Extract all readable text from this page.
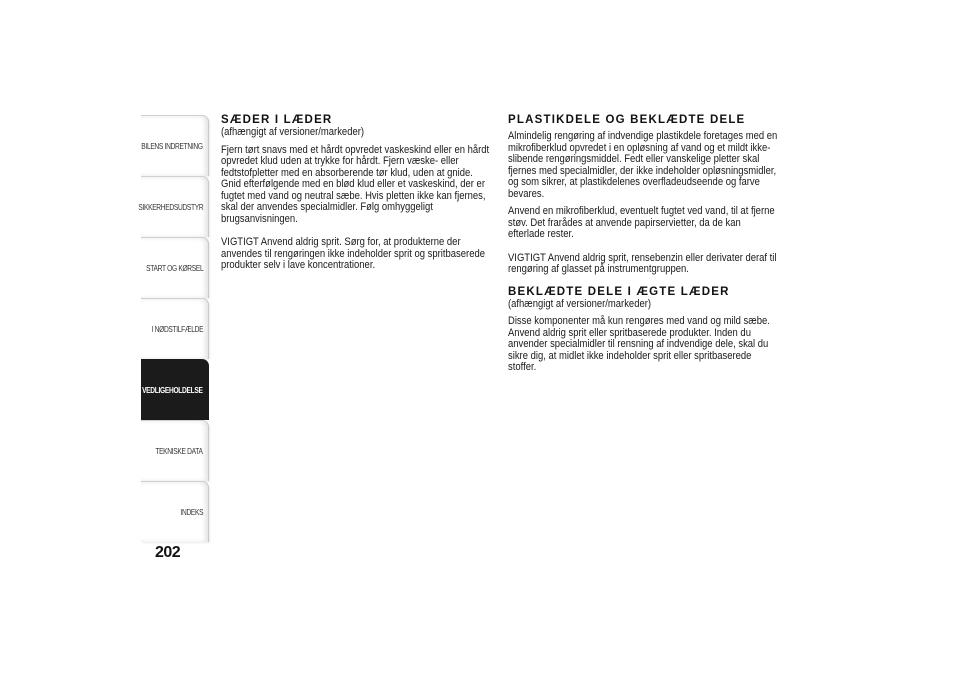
BILENS INDRETNING
SIKKERHEDSUDSTYR
START OG KØRSEL
I NØDSTILFÆLDE
VEDLIGEHOLDELSE
TEKNISKE DATA
INDEKS
202
SÆDER I LÆDER

(afhængigt af versioner/markeder)

Fjern tørt snavs med et hårdt opvredet vaskeskind eller en hårdt opvredet klud uden at trykke for hårdt. Fjern væske- eller fedtstofpletter med en absorberende tør klud, uden at gnide. Gnid efterfølgende med en blød klud eller et vaskeskind, der er fugtet med vand og neutral sæbe. Hvis pletten ikke kan fjernes, skal der anvendes specialmidler. Følg omhyggeligt brugsanvisningen.

VIGTIGT Anvend aldrig sprit. Sørg for, at produkterne der anvendes til rengøringen ikke indeholder sprit og spritbaserede produkter selv i lave koncentrationer.

PLASTIKDELE OG BEKLÆDTE DELE

Almindelig rengøring af indvendige plastikdele foretages med en mikrofiberklud opvredet i en opløsning af vand og et mildt ikke-slibende rengøringsmiddel. Fedt eller vanskelige pletter skal fjernes med specialmidler, der ikke indeholder opløsningsmidler, og som sikrer, at plastikdelenes overfladeudseende og farve bevares.

Anvend en mikrofiberklud, eventuelt fugtet ved vand, til at fjerne støv. Det frarådes at anvende papirservietter, da de kan efterlade rester.

VIGTIGT Anvend aldrig sprit, rensebenzin eller derivater deraf til rengøring af glasset på instrumentgruppen.

BEKLÆDTE DELE I ÆGTE LÆDER

(afhængigt af versioner/markeder)

Disse komponenter må kun rengøres med vand og mild sæbe. Anvend aldrig sprit eller spritbaserede produkter. Inden du anvender specialmidler til rensning af indvendige dele, skal du sikre dig, at midlet ikke indeholder sprit eller spritbaserede stoffer.
